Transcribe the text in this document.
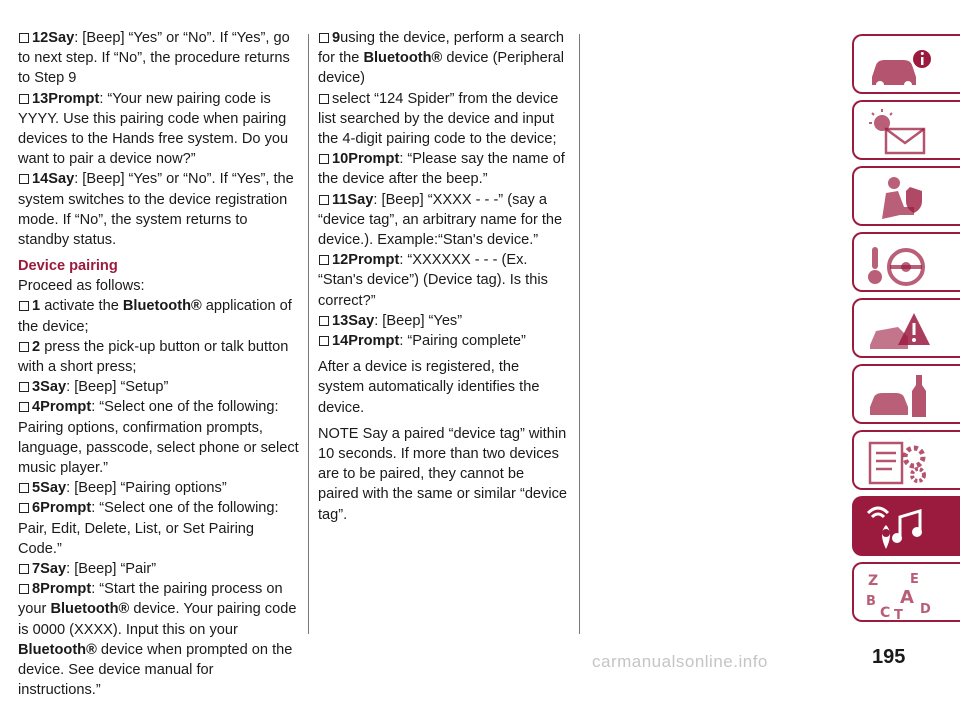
12Say: [Beep] “Yes” or “No”. If “Yes”, go to next step. If “No”, the procedure returns to Step 9
13Prompt: “Your new pairing code is YYYY. Use this pairing code when pairing devices to the Hands free system. Do you want to pair a device now?”
14Say: [Beep] “Yes” or “No”. If “Yes”, the system switches to the device registration mode. If “No”, the system returns to standby status.
Device pairing
Proceed as follows:
1 activate the Bluetooth® application of the device;
2 press the pick-up button or talk button with a short press;
3Say: [Beep] “Setup”
4Prompt: “Select one of the following: Pairing options, confirmation prompts, language, passcode, select phone or select music player.”
5Say: [Beep] “Pairing options”
6Prompt: “Select one of the following: Pair, Edit, Delete, List, or Set Pairing Code.”
7Say: [Beep] “Pair”
8Prompt: “Start the pairing process on your Bluetooth® device. Your pairing code is 0000 (XXXX). Input this on your Bluetooth® device when prompted on the device. See device manual for instructions.”
9using the device, perform a search for the Bluetooth® device (Peripheral device)
select “124 Spider” from the device list searched by the device and input the 4-digit pairing code to the device;
10Prompt: “Please say the name of the device after the beep.”
11Say: [Beep] “XXXX - - -” (say a “device tag”, an arbitrary name for the device.). Example:“Stan's device.”
12Prompt: “XXXXXX - - - (Ex. “Stan's device”) (Device tag). Is this correct?”
13Say: [Beep] “Yes”
14Prompt: “Pairing complete”
After a device is registered, the system automatically identifies the device.
NOTE Say a paired “device tag” within 10 seconds. If more than two devices are to be paired, they cannot be paired with the same or similar “device tag”.
Z E
B A
D
C T
195
carmanualsonline.info
